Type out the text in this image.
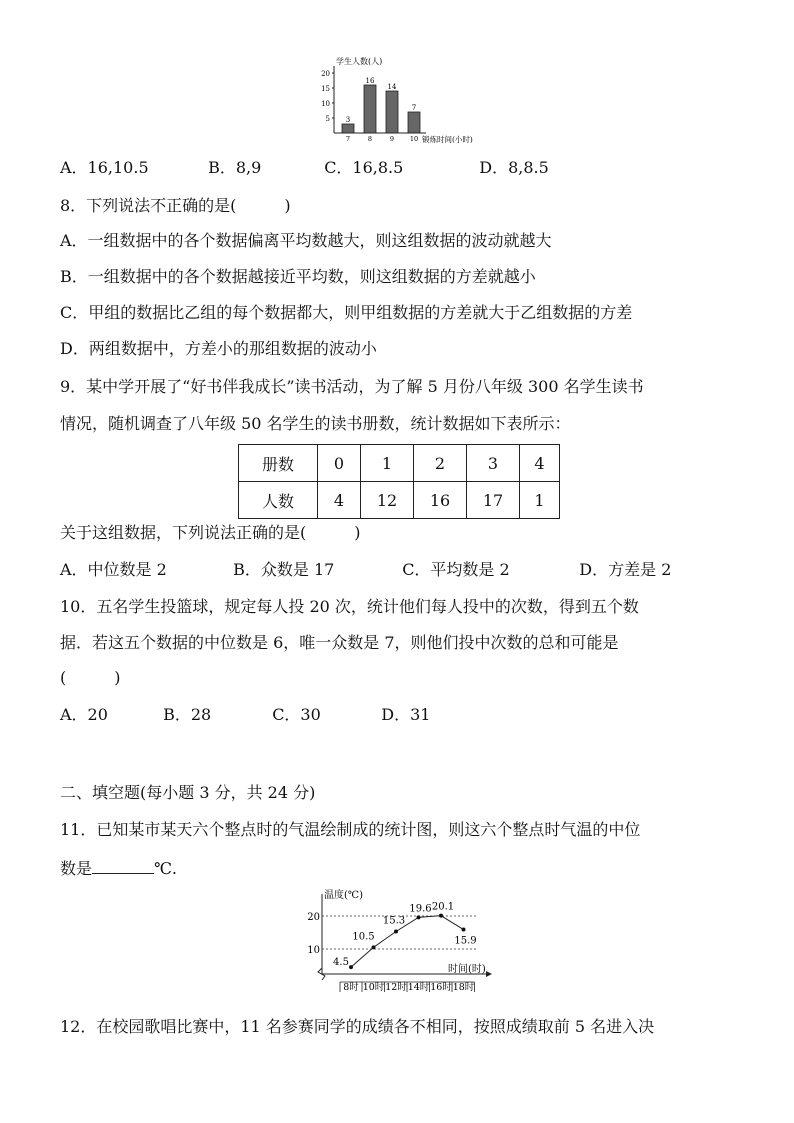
学生人数(人)
5
10
15
20
3
7
16
8
14
9
7
10 锻炼时间(小时)
A．16,10.5	B．8,9	C．16,8.5	D．8,8.5
8．下列说法不正确的是(　　　)
A．一组数据中的各个数据偏离平均数越大，则这组数据的波动就越大
B．一组数据中的各个数据越接近平均数，则这组数据的方差就越小
C．甲组的数据比乙组的每个数据都大，则甲组数据的方差就大于乙组数据的方差
D．两组数据中，方差小的那组数据的波动小
9．某中学开展了“好书伴我成长”读书活动，为了解 5 月份八年级 300 名学生读书
情况，随机调查了八年级 50 名学生的读书册数，统计数据如下表所示：
册数	0	1	2	3	4
人数	4	12	16	17	1
关于这组数据，下列说法正确的是(　　　)
A．中位数是 2	B．众数是 17	C．平均数是 2	D．方差是 2
10．五名学生投篮球，规定每人投 20 次，统计他们每人投中的次数，得到五个数
据．若这五个数据的中位数是 6，唯一众数是 7，则他们投中次数的总和可能是
(　　　)
A．20	B．28	C．30	D．31
二、填空题(每小题 3 分，共 24 分)
11．已知某市某天六个整点时的气温绘制成的统计图，则这六个整点时气温的中位
数是	℃.
温度(℃)
时间(时)
10
20
8时 10时 12时 14时 16时 18时
4.5
10.5
15.3
19.6 20.1
15.9
12．在校园歌唱比赛中，11 名参赛同学的成绩各不相同，按照成绩取前 5 名进入决
